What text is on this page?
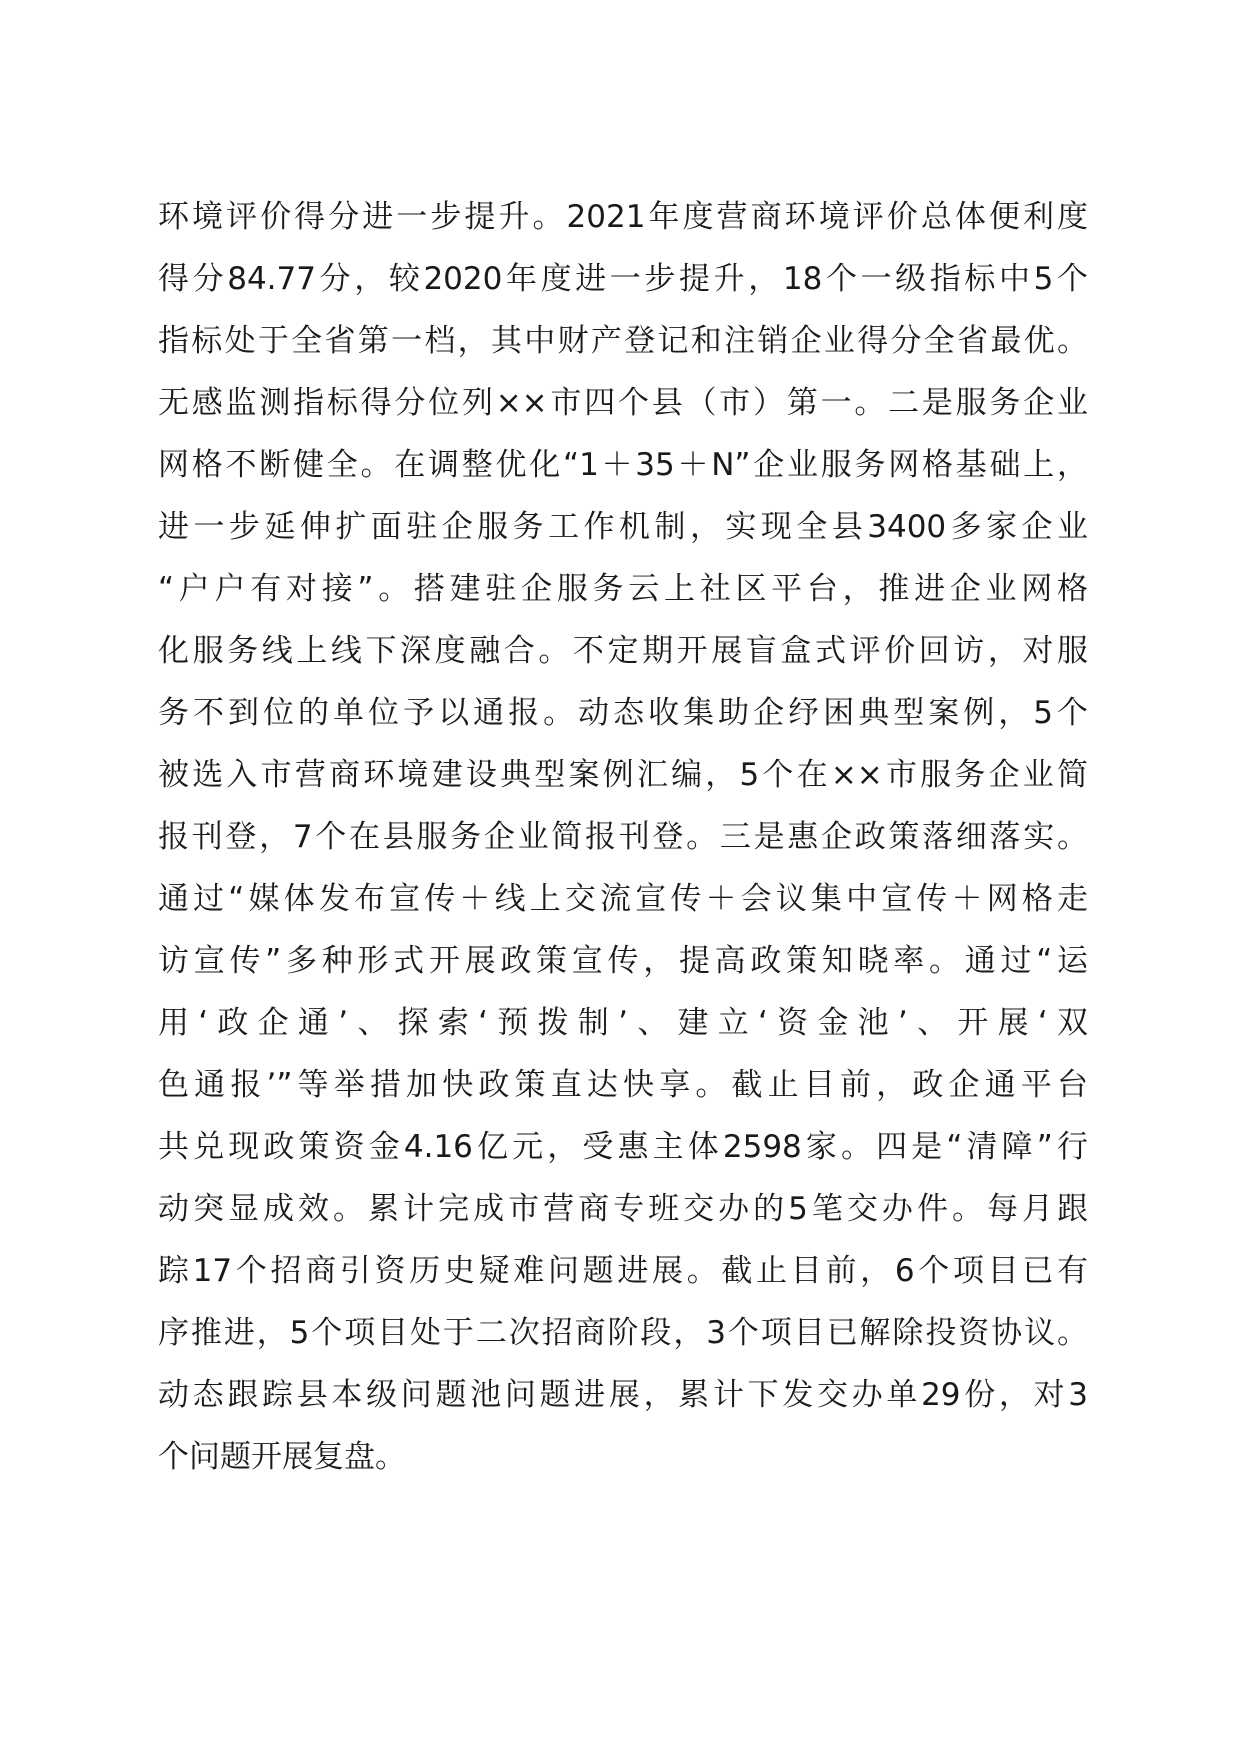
环境评价得分进一步提升。2021年度营商环境评价总体便利度
得分84.77分，较2020年度进一步提升，18个一级指标中5个
指标处于全省第一档，其中财产登记和注销企业得分全省最优。
无感监测指标得分位列××市四个县（市）第一。二是服务企业
网格不断健全。在调整优化“1＋35＋N”企业服务网格基础上，
进一步延伸扩面驻企服务工作机制，实现全县3400多家企业
“户户有对接”。搭建驻企服务云上社区平台，推进企业网格
化服务线上线下深度融合。不定期开展盲盒式评价回访，对服
务不到位的单位予以通报。动态收集助企纾困典型案例，5个
被选入市营商环境建设典型案例汇编，5个在××市服务企业简
报刊登，7个在县服务企业简报刊登。三是惠企政策落细落实。
通过“媒体发布宣传＋线上交流宣传＋会议集中宣传＋网格走
访宣传”多种形式开展政策宣传，提高政策知晓率。通过“运
用‘政企通’、探索‘预拨制’、建立‘资金池’、开展‘双
色通报’”等举措加快政策直达快享。截止目前，政企通平台
共兑现政策资金4.16亿元，受惠主体2598家。四是“清障”行
动突显成效。累计完成市营商专班交办的5笔交办件。每月跟
踪17个招商引资历史疑难问题进展。截止目前，6个项目已有
序推进，5个项目处于二次招商阶段，3个项目已解除投资协议。
动态跟踪县本级问题池问题进展，累计下发交办单29份，对3
个问题开展复盘。
